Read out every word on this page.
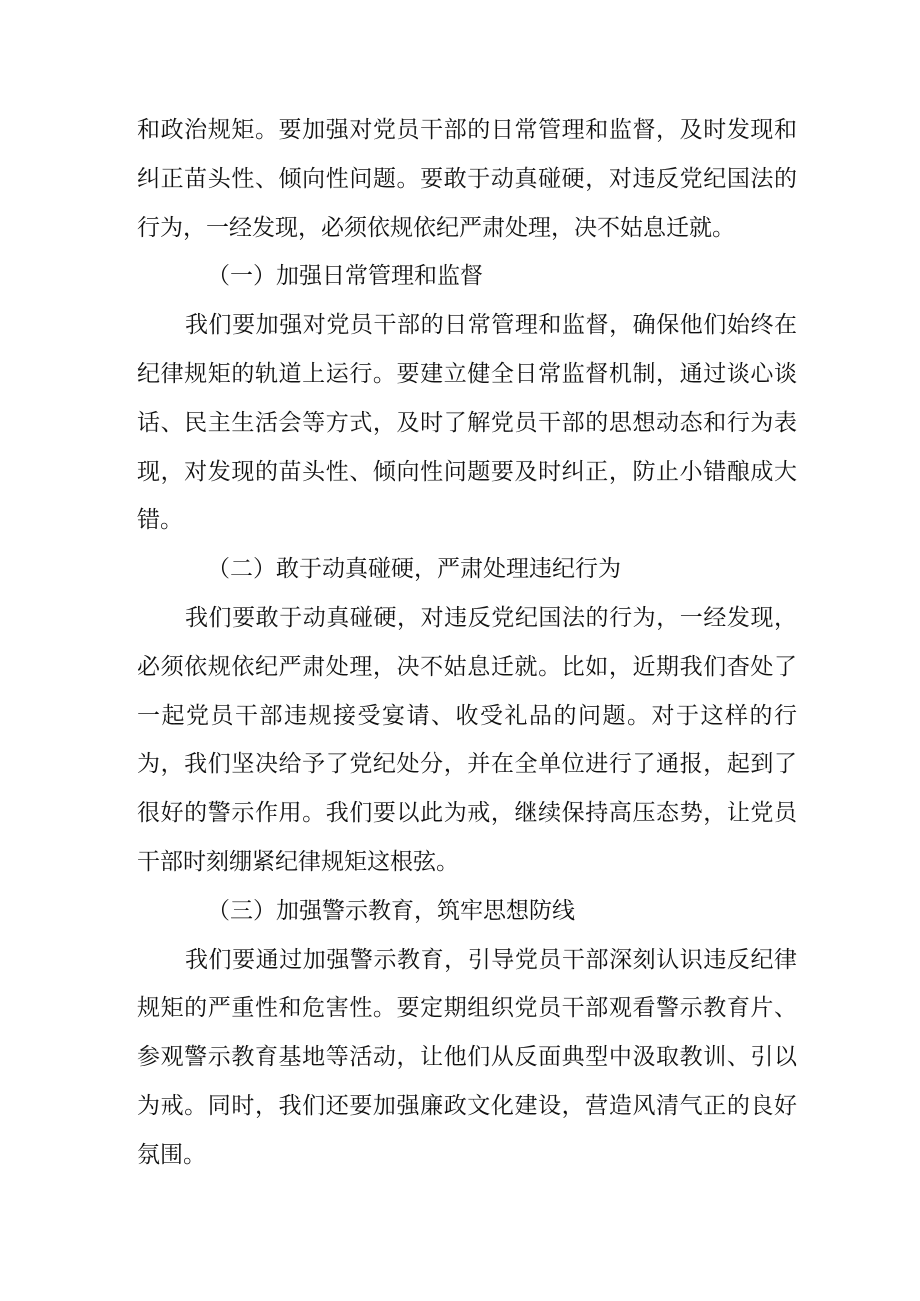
和政治规矩。要加强对党员干部的日常管理和监督，及时发现和纠正苗头性、倾向性问题。要敢于动真碰硬，对违反党纪国法的行为，一经发现，必须依规依纪严肃处理，决不姑息迁就。

（一）加强日常管理和监督

我们要加强对党员干部的日常管理和监督，确保他们始终在纪律规矩的轨道上运行。要建立健全日常监督机制，通过谈心谈话、民主生活会等方式，及时了解党员干部的思想动态和行为表现，对发现的苗头性、倾向性问题要及时纠正，防止小错酿成大错。

（二）敢于动真碰硬，严肃处理违纪行为

我们要敢于动真碰硬，对违反党纪国法的行为，一经发现，必须依规依纪严肃处理，决不姑息迁就。比如，近期我们杳处了一起党员干部违规接受宴请、收受礼品的问题。对于这样的行为，我们坚决给予了党纪处分，并在全单位进行了通报，起到了很好的警示作用。我们要以此为戒，继续保持高压态势，让党员干部时刻绷紧纪律规矩这根弦。

（三）加强警示教育，筑牢思想防线

我们要通过加强警示教育，引导党员干部深刻认识违反纪律规矩的严重性和危害性。要定期组织党员干部观看警示教育片、参观警示教育基地等活动，让他们从反面典型中汲取教训、引以为戒。同时，我们还要加强廉政文化建设，营造风清气正的良好氛围。
